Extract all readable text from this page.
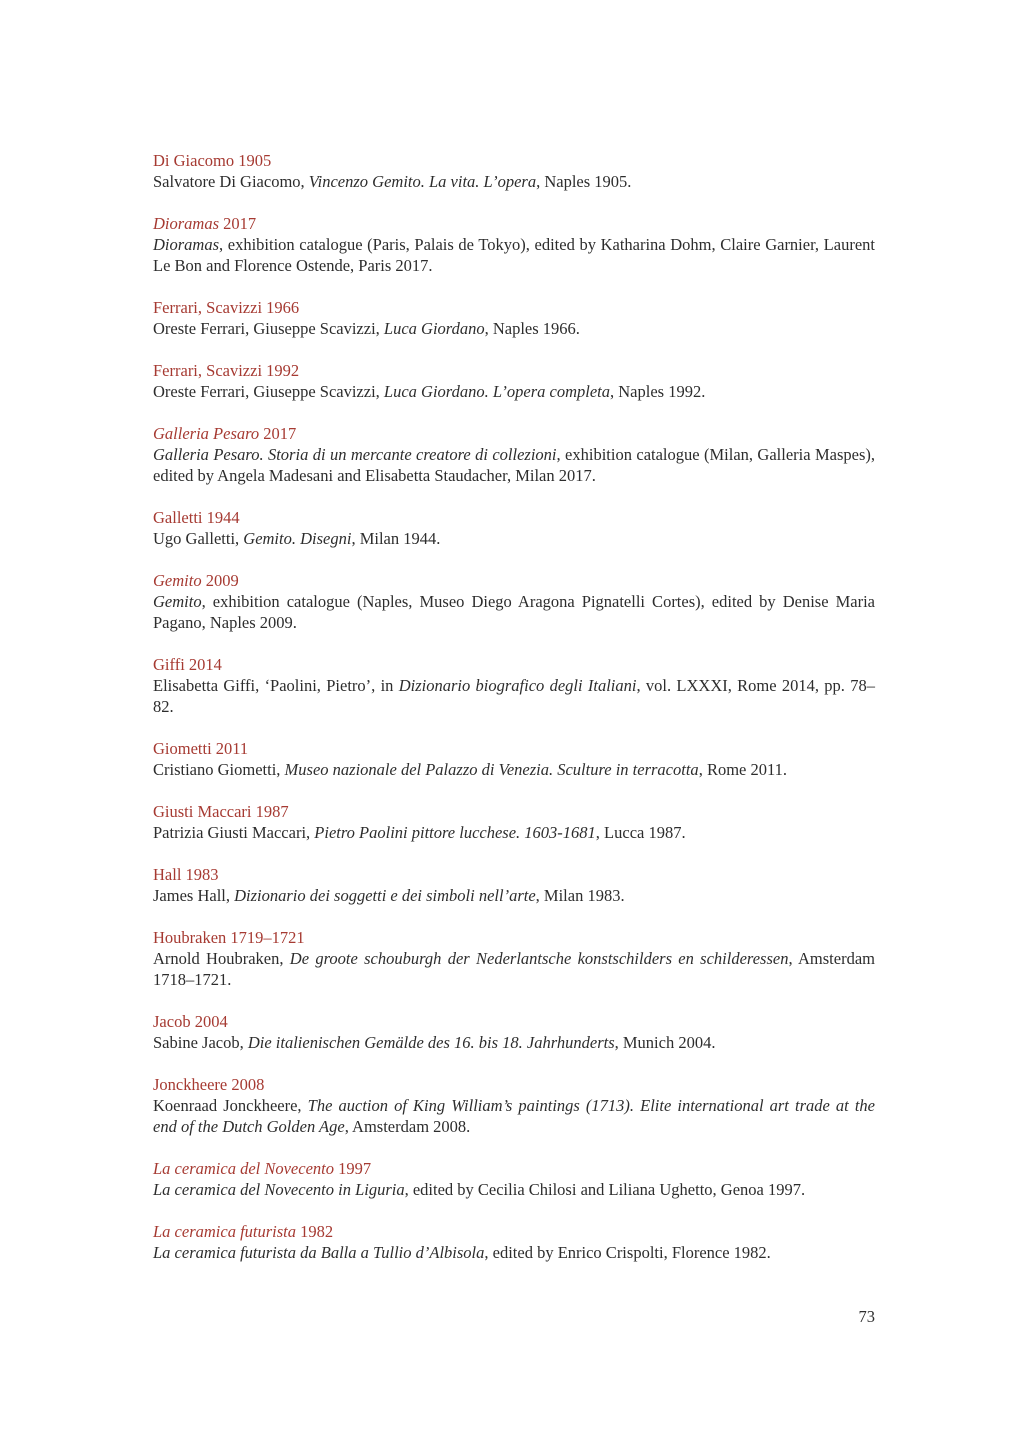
Di Giacomo 1905

Salvatore Di Giacomo, Vincenzo Gemito. La vita. L’opera, Naples 1905.

Dioramas 2017

Dioramas, exhibition catalogue (Paris, Palais de Tokyo), edited by Katharina Dohm, Claire Garnier, Laurent Le Bon and Florence Ostende, Paris 2017.

Ferrari, Scavizzi 1966

Oreste Ferrari, Giuseppe Scavizzi, Luca Giordano, Naples 1966.

Ferrari, Scavizzi 1992

Oreste Ferrari, Giuseppe Scavizzi, Luca Giordano. L’opera completa, Naples 1992.

Galleria Pesaro 2017

Galleria Pesaro. Storia di un mercante creatore di collezioni, exhibition catalogue (Milan, Galleria Maspes), edited by Angela Madesani and Elisabetta Staudacher, Milan 2017.

Galletti 1944

Ugo Galletti, Gemito. Disegni, Milan 1944.

Gemito 2009

Gemito, exhibition catalogue (Naples, Museo Diego Aragona Pignatelli Cortes), edited by Denise Maria Pagano, Naples 2009.

Giffi 2014

Elisabetta Giffi, ‘Paolini, Pietro’, in Dizionario biografico degli Italiani, vol. LXXXI, Rome 2014, pp. 78–82.

Giometti 2011

Cristiano Giometti, Museo nazionale del Palazzo di Venezia. Sculture in terracotta, Rome 2011.

Giusti Maccari 1987

Patrizia Giusti Maccari, Pietro Paolini pittore lucchese. 1603-1681, Lucca 1987.

Hall 1983

James Hall, Dizionario dei soggetti e dei simboli nell’arte, Milan 1983.

Houbraken 1719–1721

Arnold Houbraken, De groote schouburgh der Nederlantsche konstschilders en schilderessen, Amsterdam 1718–1721.

Jacob 2004

Sabine Jacob, Die italienischen Gemälde des 16. bis 18. Jahrhunderts, Munich 2004.

Jonckheere 2008

Koenraad Jonckheere, The auction of King William’s paintings (1713). Elite international art trade at the end of the Dutch Golden Age, Amsterdam 2008.

La ceramica del Novecento 1997

La ceramica del Novecento in Liguria, edited by Cecilia Chilosi and Liliana Ughetto, Genoa 1997.

La ceramica futurista 1982

La ceramica futurista da Balla a Tullio d’Albisola, edited by Enrico Crispolti, Florence 1982.

73
